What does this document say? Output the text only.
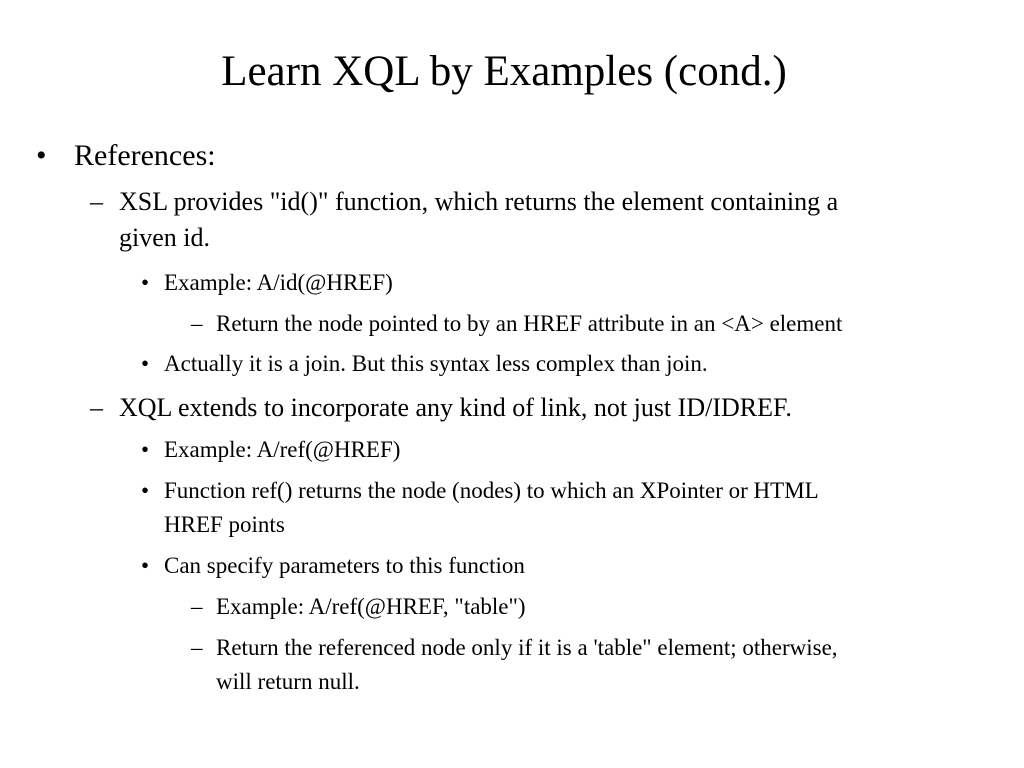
Learn XQL by Examples (cond.)
• References:
– XSL provides "id()" function, which returns the element containing a
given id.
• Example: A/id(@HREF)
– Return the node pointed to by an HREF attribute in an <A> element
• Actually it is a join. But this syntax less complex than join.
– XQL extends to incorporate any kind of link, not just ID/IDREF.
• Example: A/ref(@HREF)
• Function ref() returns the node (nodes) to which an XPointer or HTML
HREF points
• Can specify parameters to this function
– Example: A/ref(@HREF, "table")
– Return the referenced node only if it is a 'table" element; otherwise,
will return null.
